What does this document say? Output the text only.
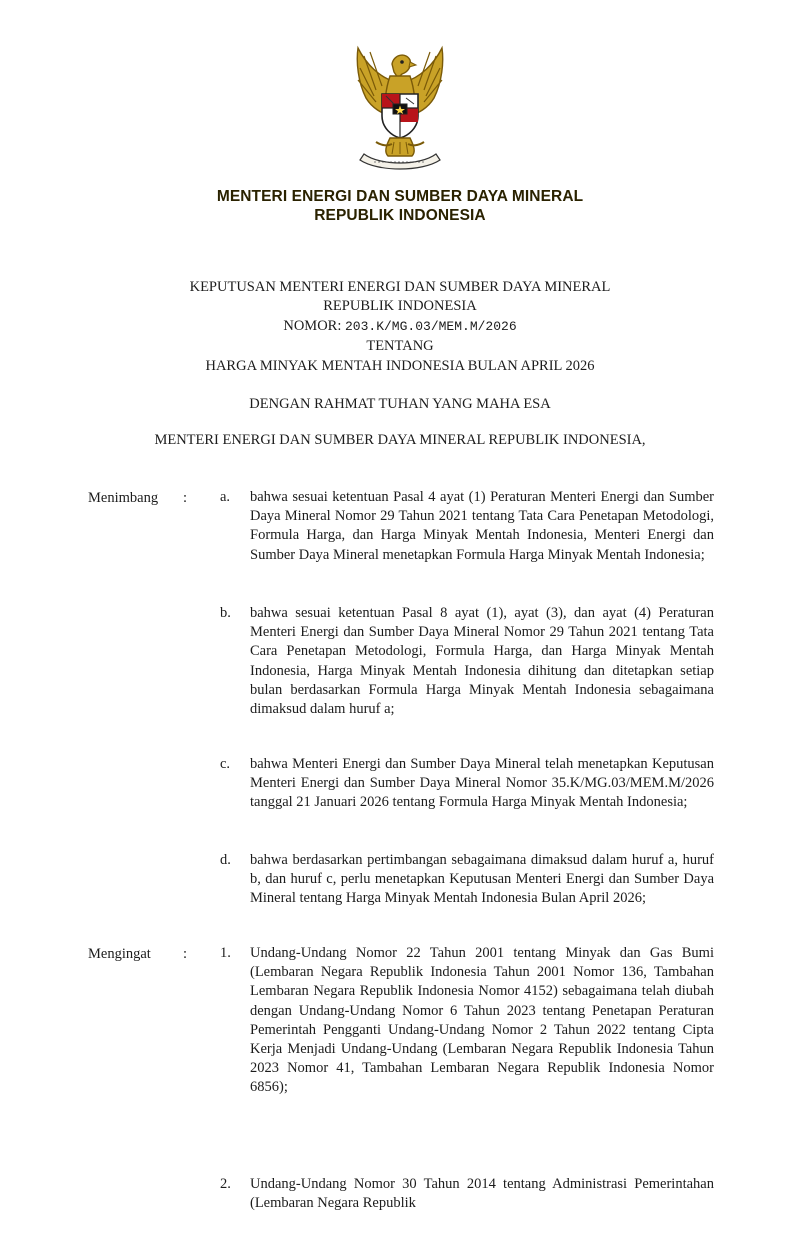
MENTERI ENERGI DAN SUMBER DAYA MINERAL
REPUBLIK INDONESIA
KEPUTUSAN MENTERI ENERGI DAN SUMBER DAYA MINERAL
REPUBLIK INDONESIA
NOMOR: 203.K/MG.03/MEM.M/2026
TENTANG
HARGA MINYAK MENTAH INDONESIA BULAN APRIL 2026
DENGAN RAHMAT TUHAN YANG MAHA ESA
MENTERI ENERGI DAN SUMBER DAYA MINERAL REPUBLIK INDONESIA,
Menimbang : a.	bahwa sesuai ketentuan Pasal 4 ayat (1) Peraturan Menteri Energi dan Sumber Daya Mineral Nomor 29 Tahun 2021 tentang Tata Cara Penetapan Metodologi, Formula Harga, dan Harga Minyak Mentah Indonesia, Menteri Energi dan Sumber Daya Mineral menetapkan Formula Harga Minyak Mentah Indonesia;
b.	bahwa sesuai ketentuan Pasal 8 ayat (1), ayat (3), dan ayat (4) Peraturan Menteri Energi dan Sumber Daya Mineral Nomor 29 Tahun 2021 tentang Tata Cara Penetapan Metodologi, Formula Harga, dan Harga Minyak Mentah Indonesia, Harga Minyak Mentah Indonesia dihitung dan ditetapkan setiap bulan berdasarkan Formula Harga Minyak Mentah Indonesia sebagaimana dimaksud dalam huruf a;
c.	bahwa Menteri Energi dan Sumber Daya Mineral telah menetapkan Keputusan Menteri Energi dan Sumber Daya Mineral Nomor 35.K/MG.03/MEM.M/2026 tanggal 21 Januari 2026 tentang Formula Harga Minyak Mentah Indonesia;
d.	bahwa berdasarkan pertimbangan sebagaimana dimaksud dalam huruf a, huruf b, dan huruf c, perlu menetapkan Keputusan Menteri Energi dan Sumber Daya Mineral tentang Harga Minyak Mentah Indonesia Bulan April 2026;
Mengingat : 1.	Undang-Undang Nomor 22 Tahun 2001 tentang Minyak dan Gas Bumi (Lembaran Negara Republik Indonesia Tahun 2001 Nomor 136, Tambahan Lembaran Negara Republik Indonesia Nomor 4152) sebagaimana telah diubah dengan Undang-Undang Nomor 6 Tahun 2023 tentang Penetapan Peraturan Pemerintah Pengganti Undang-Undang Nomor 2 Tahun 2022 tentang Cipta Kerja Menjadi Undang-Undang (Lembaran Negara Republik Indonesia Tahun 2023 Nomor 41, Tambahan Lembaran Negara Republik Indonesia Nomor 6856);
2.	Undang-Undang Nomor 30 Tahun 2014 tentang Administrasi Pemerintahan (Lembaran Negara Republik
